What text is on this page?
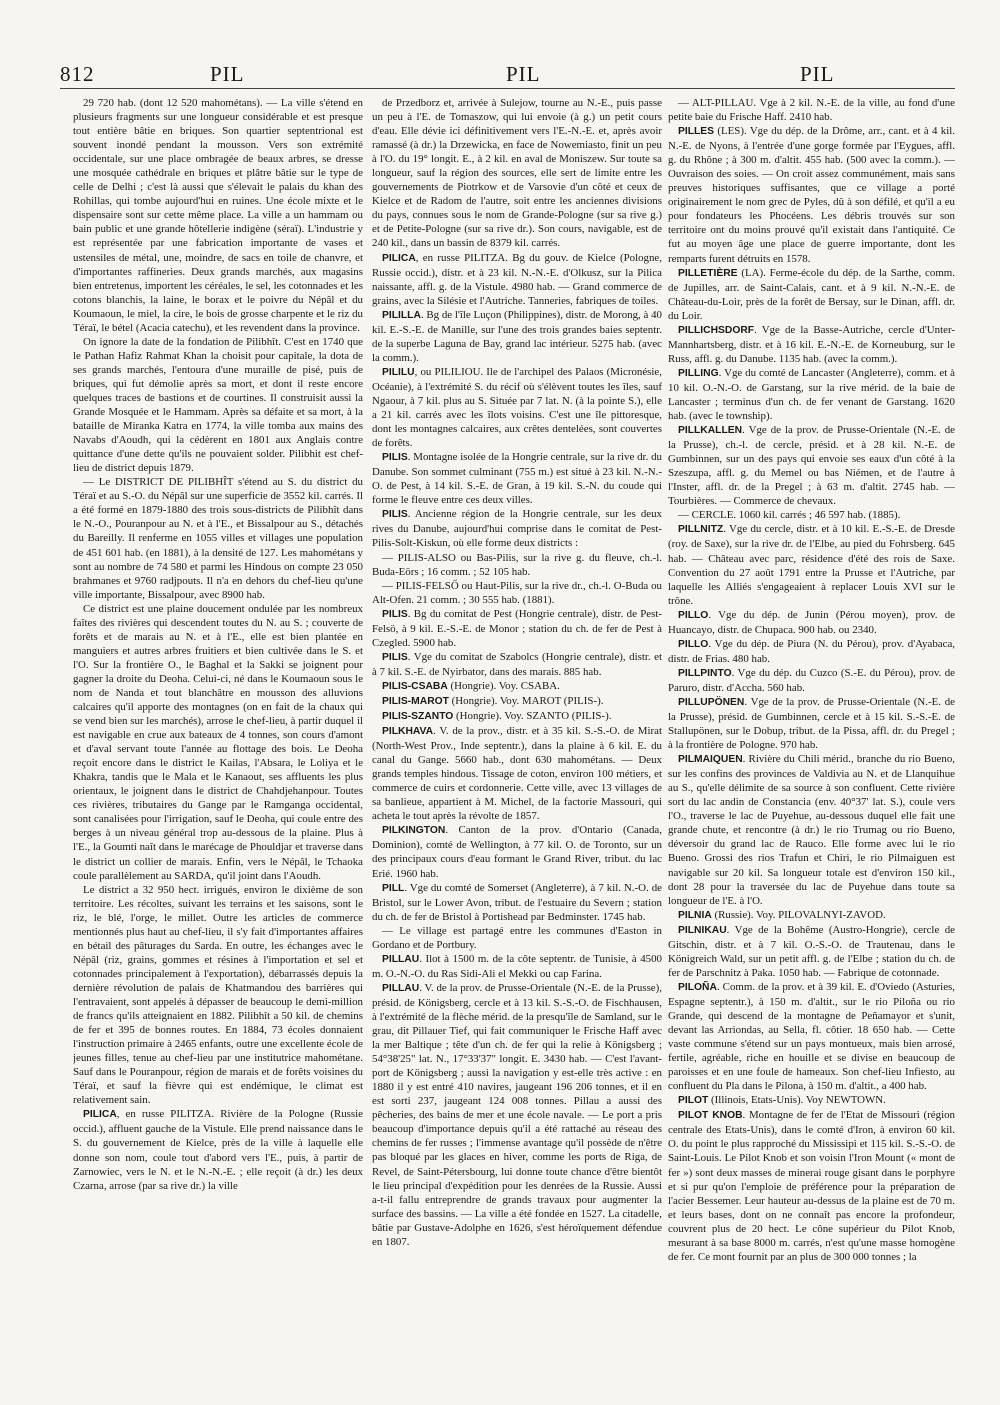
812	PIL	PIL	PIL

29 720 hab. (dont 12 520 mahométans). — La ville s'étend en plusieurs fragments sur une longueur considérable et est presque tout entière bâtie en briques. Son quartier septentrional est souvent inondé pendant la mousson. Vers son extrémité occidentale, sur une place ombragée de beaux arbres, se dresse une mosquée cathédrale en briques et plâtre bâtie sur le type de celle de Delhi ; c'est là aussi que s'élevait le palais du khan des Rohillas, qui tombe aujourd'hui en ruines. Une école mixte et le dispensaire sont sur cette même place. La ville a un hammam ou bain public et une grande hôtellerie indigène (séraï). L'industrie y est représentée par une fabrication importante de vases et ustensiles de métal, une, moindre, de sacs en toile de chanvre, et d'importantes raffineries. Deux grands marchés, aux magasins bien entretenus, importent les céréales, le sel, les cotonnades et les cotons blanchis, la laine, le borax et le poivre du Népâl et du Koumaoun, le miel, la cire, le bois de grosse charpente et le riz du Téraï, le bétel (Acacia catechu), et les revendent dans la province.

On ignore la date de la fondation de Pilibhît. C'est en 1740 que le Pathan Hafiz Rahmat Khan la choisit pour capitale, la dota de ses grands marchés, l'entoura d'une muraille de pisé, puis de briques, qui fut démolie après sa mort, et dont il reste encore quelques traces de bastions et de courtines. Il construisit aussi la Grande Mosquée et le Hammam. Après sa défaite et sa mort, à la bataille de Miranka Katra en 1774, la ville tomba aux mains des Navabs d'Aoudh, qui la cédèrent en 1801 aux Anglais contre quittance d'une dette qu'ils ne pouvaient solder. Pilibhit est chef-lieu de district depuis 1879.

— Le DISTRICT DE PILIBHÎT s'étend au S. du district du Téraï et au S.-O. du Népâl sur une superficie de 3552 kil. carrés. Il a été formé en 1879-1880 des trois sous-districts de Pilibhît dans le N.-O., Pouranpour au N. et à l'E., et Bissalpour au S., détachés du Bareilly. Il renferme en 1055 villes et villages une population de 451 601 hab. (en 1881), à la densité de 127. Les mahométans y sont au nombre de 74 580 et parmi les Hindous on compte 23 050 brahmanes et 9760 radjpouts. Il n'a en dehors du chef-lieu qu'une ville importante, Bissalpour, avec 8900 hab.

Ce district est une plaine doucement ondulée par les nombreux faîtes des rivières qui descendent toutes du N. au S. ; couverte de forêts et de marais au N. et à l'E., elle est bien plantée en manguiers et autres arbres fruitiers et bien cultivée dans le S. et l'O. Sur la frontière O., le Baghal et la Sakki se joignent pour gagner la droite du Deoha. Celui-ci, né dans le Koumaoun sous le nom de Nanda et tout blanchâtre en mousson des alluvions calcaires qu'il apporte des montagnes (on en fait de la chaux qui se vend bien sur les marchés), arrose le chef-lieu, à partir duquel il est navigable en crue aux bateaux de 4 tonnes, son cours d'amont et d'aval servant toute l'année au flottage des bois. Le Deoha reçoit encore dans le district le Kailas, l'Absara, le Loliya et le Khakra, tandis que le Mala et le Kanaout, ses affluents les plus orientaux, le joignent dans le district de Chahdjehanpour. Toutes ces rivières, tributaires du Gange par le Ramganga occidental, sont canalisées pour l'irrigation, sauf le Deoha, qui coule entre des berges à un niveau général trop au-dessous de la plaine. Plus à l'E., la Goumti naît dans le marécage de Phouldjar et traverse dans le district un collier de marais. Enfin, vers le Népâl, le Tchaoka coule parallèlement au SARDA, qu'il joint dans l'Aoudh.

Le district a 32 950 hect. irrigués, environ le dixième de son territoire. Les récoltes, suivant les terrains et les saisons, sont le riz, le blé, l'orge, le millet. Outre les articles de commerce mentionnés plus haut au chef-lieu, il s'y fait d'importantes affaires en bétail des pâturages du Sarda. En outre, les échanges avec le Népâl (riz, grains, gommes et résines à l'importation et sel et cotonnades principalement à l'exportation), débarrassés depuis la dernière révolution de palais de Khatmandou des barrières qui l'entravaient, sont appelés à dépasser de beaucoup le demi-million de francs qu'ils atteignaient en 1882. Pilibhît a 50 kil. de chemins de fer et 395 de bonnes routes. En 1884, 73 écoles donnaient l'instruction primaire à 2465 enfants, outre une excellente école de jeunes filles, tenue au chef-lieu par une institutrice mahométane. Sauf dans le Pouranpour, région de marais et de forêts voisines du Téraï, et sauf la fièvre qui est endémique, le climat est relativement sain.

PILICA, en russe PILITZA. Rivière de la Pologne (Russie occid.), affluent gauche de la Vistule. Elle prend naissance dans le S. du gouvernement de Kielce, près de la ville à laquelle elle donne son nom, coule tout d'abord vers l'E., puis, à partir de Zarnowiec, vers le N. et le N.-N.-E. ; elle reçoit (à dr.) les deux Czarna, arrose (par sa rive dr.) la ville

de Przedborz et, arrivée à Sulejow, tourne au N.-E., puis passe un peu à l'E. de Tomaszow, qui lui envoie (à g.) un petit cours d'eau. Elle dévie ici définitivement vers l'E.-N.-E. et, après avoir ramassé (à dr.) la Drzewicka, en face de Nowemiasto, finit un peu à l'O. du 19° longit. E., à 2 kil. en aval de Moniszew. Sur toute sa longueur, sauf la région des sources, elle sert de limite entre les gouvernements de Piotrkow et de Varsovie d'un côté et ceux de Kielce et de Radom de l'autre, soit entre les anciennes divisions du pays, connues sous le nom de Grande-Pologne (sur sa rive g.) et de Petite-Pologne (sur sa rive dr.). Son cours, navigable, est de 240 kil., dans un bassin de 8379 kil. carrés.

PILICA, en russe PILITZA. Bg du gouv. de Kielce (Pologne, Russie occid.), distr. et à 23 kil. N.-N.-E. d'Olkusz, sur la Pilica naissante, affl. g. de la Vistule. 4980 hab. — Grand commerce de grains, avec la Silésie et l'Autriche. Tanneries, fabriques de toiles.

PILILLA. Bg de l'île Luçon (Philippines), distr. de Morong, à 40 kil. E.-S.-E. de Manille, sur l'une des trois grandes baies septentr. de la superbe Laguna de Bay, grand lac intérieur. 5275 hab. (avec la comm.).

PILILU, ou PILILIOU. Ile de l'archipel des Palaos (Micronésie, Océanie), à l'extrémité S. du récif où s'élèvent toutes les îles, sauf Ngaour, à 7 kil. plus au S. Située par 7 lat. N. (à la pointe S.), elle a 21 kil. carrés avec les îlots voisins. C'est une île pittoresque, dont les montagnes calcaires, aux crêtes dentelées, sont couvertes de forêts.

PILIS. Montagne isolée de la Hongrie centrale, sur la rive dr. du Danube. Son sommet culminant (755 m.) est situé à 23 kil. N.-N.-O. de Pest, à 14 kil. S.-E. de Gran, à 19 kil. S.-N. du coude qui forme le fleuve entre ces deux villes.

PILIS. Ancienne région de la Hongrie centrale, sur les deux rives du Danube, aujourd'hui comprise dans le comitat de Pest-Pilis-Solt-Kiskun, où elle forme deux districts :

— PILIS-ALSO ou Bas-Pilis, sur la rive g. du fleuve, ch.-l. Buda-Eörs ; 16 comm. ; 52 105 hab.

— PILIS-FELSŐ ou Haut-Pilis, sur la rive dr., ch.-l. O-Buda ou Alt-Ofen. 21 comm. ; 30 555 hab. (1881).

PILIS. Bg du comitat de Pest (Hongrie centrale), distr. de Pest-Felsö, à 9 kil. E.-S.-E. de Monor ; station du ch. de fer de Pest à Czegled. 5900 hab.

PILIS. Vge du comitat de Szabolcs (Hongrie centrale), distr. et à 7 kil. S.-E. de Nyirbator, dans des marais. 885 hab.

PILIS-CSABA (Hongrie). Voy. CSABA.

PILIS-MAROT (Hongrie). Voy. MAROT (PILIS-).

PILIS-SZANTO (Hongrie). Voy. SZANTO (PILIS-).

PILKHAVA. V. de la prov., distr. et à 35 kil. S.-S.-O. de Mirat (North-West Prov., Inde septentr.), dans la plaine à 6 kil. E. du canal du Gange. 5660 hab., dont 630 mahométans. — Deux grands temples hindous. Tissage de coton, environ 100 métiers, et commerce de cuirs et cordonnerie. Cette ville, avec 13 villages de sa banlieue, appartient à M. Michel, de la factorie Massouri, qui acheta le tout après la révolte de 1857.

PILKINGTON. Canton de la prov. d'Ontario (Canada, Dominion), comté de Wellington, à 77 kil. O. de Toronto, sur un des principaux cours d'eau formant le Grand River, tribut. du lac Erié. 1960 hab.

PILL. Vge du comté de Somerset (Angleterre), à 7 kil. N.-O. de Bristol, sur le Lower Avon, tribut. de l'estuaire du Severn ; station du ch. de fer de Bristol à Portishead par Bedminster. 1745 hab.

— Le village est partagé entre les communes d'Easton in Gordano et de Portbury.

PILLAU. Ilot à 1500 m. de la côte septentr. de Tunisie, à 4500 m. O.-N.-O. du Ras Sidi-Ali el Mekki ou cap Farina.

PILLAU. V. de la prov. de Prusse-Orientale (N.-E. de la Prusse), présid. de Königsberg, cercle et à 13 kil. S.-S.-O. de Fischhausen, à l'extrémité de la flèche mérid. de la presqu'île de Samland, sur le grau, dit Pillauer Tief, qui fait communiquer le Frische Haff avec la mer Baltique ; tête d'un ch. de fer qui la relie à Königsberg ; 54°38'25" lat. N., 17°33'37" longit. E. 3430 hab. — C'est l'avant-port de Königsberg ; aussi la navigation y est-elle très active : en 1880 il y est entré 410 navires, jaugeant 196 206 tonnes, et il en est sorti 237, jaugeant 124 008 tonnes. Pillau a aussi des pêcheries, des bains de mer et une école navale. — Le port a pris beaucoup d'importance depuis qu'il a été rattaché au réseau des chemins de fer russes ; l'immense avantage qu'il possède de n'être pas bloqué par les glaces en hiver, comme les ports de Riga, de Revel, de Saint-Pétersbourg, lui donne toute chance d'être bientôt le lieu principal d'expédition pour les denrées de la Russie. Aussi a-t-il fallu entreprendre de grands travaux pour augmenter la surface des bassins. — La ville a été fondée en 1527. La citadelle, bâtie par Gustave-Adolphe en 1626, s'est héroïquement défendue en 1807.

— ALT-PILLAU. Vge à 2 kil. N.-E. de la ville, au fond d'une petite baie du Frische Haff. 2410 hab.

PILLES (LES). Vge du dép. de la Drôme, arr., cant. et à 4 kil. N.-E. de Nyons, à l'entrée d'une gorge formée par l'Eygues, affl. g. du Rhône ; à 300 m. d'altit. 455 hab. (500 avec la comm.). — Ouvraison des soies. — On croit assez communément, mais sans preuves historiques suffisantes, que ce village a porté originairement le nom grec de Pyles, dû à son défilé, et qu'il a eu pour fondateurs les Phocéens. Les débris trouvés sur son territoire ont du moins prouvé qu'il existait dans l'antiquité. Ce fut au moyen âge une place de guerre importante, dont les remparts furent détruits en 1578.

PILLETIÈRE (LA). Ferme-école du dép. de la Sarthe, comm. de Jupilles, arr. de Saint-Calais, cant. et à 9 kil. N.-N.-E. de Château-du-Loir, près de la forêt de Bersay, sur le Dinan, affl. dr. du Loir.

PILLICHSDORF. Vge de la Basse-Autriche, cercle d'Unter-Mannhartsberg, distr. et à 16 kil. E.-N.-E. de Korneuburg, sur le Russ, affl. g. du Danube. 1135 hab. (avec la comm.).

PILLING. Vge du comté de Lancaster (Angleterre), comm. et à 10 kil. O.-N.-O. de Garstang, sur la rive mérid. de la baie de Lancaster ; terminus d'un ch. de fer venant de Garstang. 1620 hab. (avec le township).

PILLKALLEN. Vge de la prov. de Prusse-Orientale (N.-E. de la Prusse), ch.-l. de cercle, présid. et à 28 kil. N.-E. de Gumbinnen, sur un des pays qui envoie ses eaux d'un côté à la Szeszupa, affl. g. du Memel ou bas Niémen, et de l'autre à l'Inster, affl. dr. de la Pregel ; à 63 m. d'altit. 2745 hab. — Tourbières. — Commerce de chevaux.

— CERCLE. 1060 kil. carrés ; 46 597 hab. (1885).

PILLNITZ. Vge du cercle, distr. et à 10 kil. E.-S.-E. de Dresde (roy. de Saxe), sur la rive dr. de l'Elbe, au pied du Fohrsberg. 645 hab. — Château avec parc, résidence d'été des rois de Saxe. Convention du 27 août 1791 entre la Prusse et l'Autriche, par laquelle les Alliés s'engageaient à replacer Louis XVI sur le trône.

PILLO. Vge du dép. de Junin (Pérou moyen), prov. de Huancayo, distr. de Chupaca. 900 hab. ou 2340.

PILLO. Vge du dép. de Piura (N. du Pérou), prov. d'Ayabaca, distr. de Frias. 480 hab.

PILLPINTO. Vge du dép. du Cuzco (S.-E. du Pérou), prov. de Paruro, distr. d'Accha. 560 hab.

PILLUPÖNEN. Vge de la prov. de Prusse-Orientale (N.-E. de la Prusse), présid. de Gumbinnen, cercle et à 15 kil. S.-S.-E. de Stallupönen, sur le Dobup, tribut. de la Pissa, affl. dr. du Pregel ; à la frontière de Pologne. 970 hab.

PILMAIQUEN. Rivière du Chili mérid., branche du rio Bueno, sur les confins des provinces de Valdivia au N. et de Llanquihue au S., qu'elle délimite de sa source à son confluent. Cette rivière sort du lac andin de Constancia (env. 40°37' lat. S.), coule vers l'O., traverse le lac de Puyehue, au-dessous duquel elle fait une grande chute, et rencontre (à dr.) le rio Trumag ou rio Bueno, déversoir du grand lac de Rauco. Elle forme avec lui le rio Bueno. Grossi des rios Trafun et Chiri, le rio Pilmaiguen est navigable sur 20 kil. Sa longueur totale est d'environ 150 kil., dont 28 pour la traversée du lac de Puyehue dans toute sa longueur de l'E. à l'O.

PILNIA (Russie). Voy. PILOVALNYI-ZAVOD.

PILNIKAU. Vge de la Bohême (Austro-Hongrie), cercle de Gitschin, distr. et à 7 kil. O.-S.-O. de Trautenau, dans le Königreich Wald, sur un petit affl. g. de l'Elbe ; station du ch. de fer de Parschnitz à Paka. 1050 hab. — Fabrique de cotonnade.

PILOÑA. Comm. de la prov. et à 39 kil. E. d'Oviedo (Asturies, Espagne septentr.), à 150 m. d'altit., sur le rio Piloña ou rio Grande, qui descend de la montagne de Peñamayor et s'unit, devant las Arriondas, au Sella, fl. côtier. 18 650 hab. — Cette vaste commune s'étend sur un pays montueux, mais bien arrosé, fertile, agréable, riche en houille et se divise en beaucoup de paroisses et en une foule de hameaux. Son chef-lieu Infiesto, au confluent du Pla dans le Pilona, à 150 m. d'altit., a 400 hab.

PILOT (Illinois, Etats-Unis). Voy NEWTOWN.

PILOT KNOB. Montagne de fer de l'Etat de Missouri (région centrale des Etats-Unis), dans le comté d'Iron, à environ 60 kil. O. du point le plus rapproché du Mississipi et 115 kil. S.-S.-O. de Saint-Louis. Le Pilot Knob et son voisin l'Iron Mount (« mont de fer ») sont deux masses de minerai rouge gisant dans le porphyre et si pur qu'on l'emploie de préférence pour la préparation de l'acier Bessemer. Leur hauteur au-dessus de la plaine est de 70 m. et leurs bases, dont on ne connaît pas encore la profondeur, couvrent plus de 20 hect. Le cône supérieur du Pilot Knob, mesurant à sa base 8000 m. carrés, n'est qu'une masse homogène de fer. Ce mont fournit par an plus de 300 000 tonnes ; la
